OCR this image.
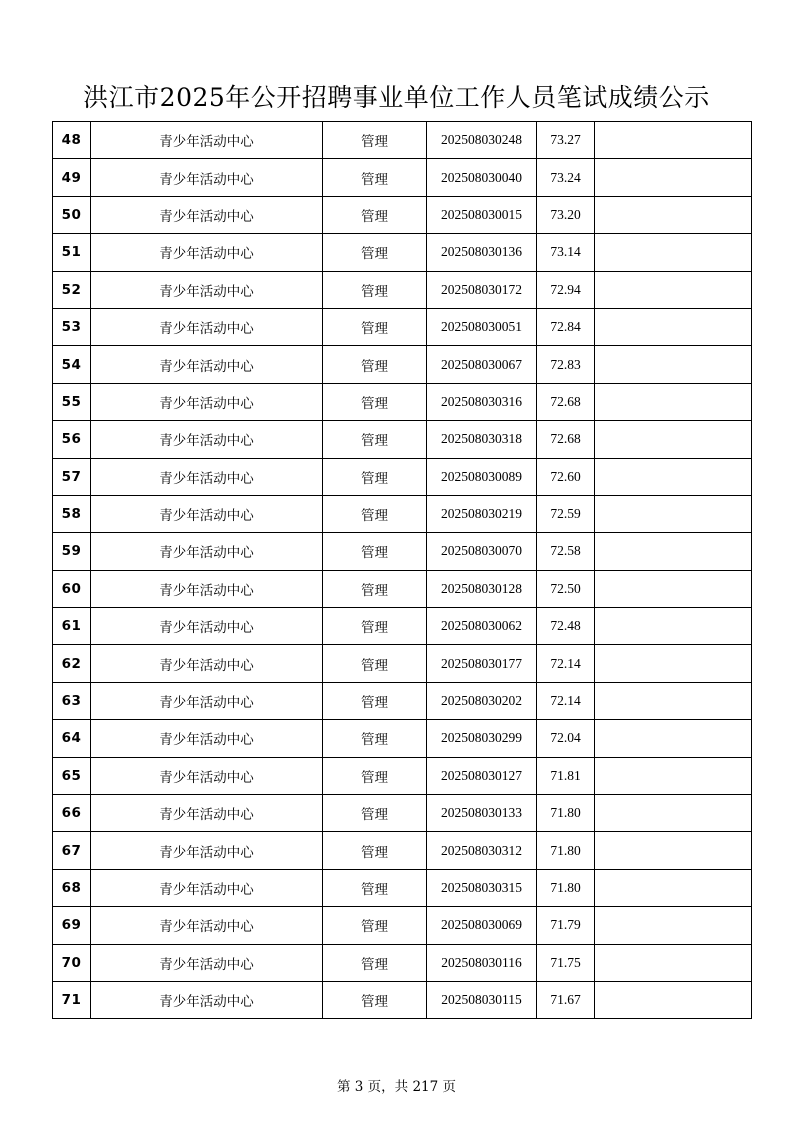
洪江市2025年公开招聘事业单位工作人员笔试成绩公示
48	青少年活动中心	管理	202508030248	73.27	
49	青少年活动中心	管理	202508030040	73.24	
50	青少年活动中心	管理	202508030015	73.20	
51	青少年活动中心	管理	202508030136	73.14	
52	青少年活动中心	管理	202508030172	72.94	
53	青少年活动中心	管理	202508030051	72.84	
54	青少年活动中心	管理	202508030067	72.83	
55	青少年活动中心	管理	202508030316	72.68	
56	青少年活动中心	管理	202508030318	72.68	
57	青少年活动中心	管理	202508030089	72.60	
58	青少年活动中心	管理	202508030219	72.59	
59	青少年活动中心	管理	202508030070	72.58	
60	青少年活动中心	管理	202508030128	72.50	
61	青少年活动中心	管理	202508030062	72.48	
62	青少年活动中心	管理	202508030177	72.14	
63	青少年活动中心	管理	202508030202	72.14	
64	青少年活动中心	管理	202508030299	72.04	
65	青少年活动中心	管理	202508030127	71.81	
66	青少年活动中心	管理	202508030133	71.80	
67	青少年活动中心	管理	202508030312	71.80	
68	青少年活动中心	管理	202508030315	71.80	
69	青少年活动中心	管理	202508030069	71.79	
70	青少年活动中心	管理	202508030116	71.75	
71	青少年活动中心	管理	202508030115	71.67	
第 3 页，共 217 页
